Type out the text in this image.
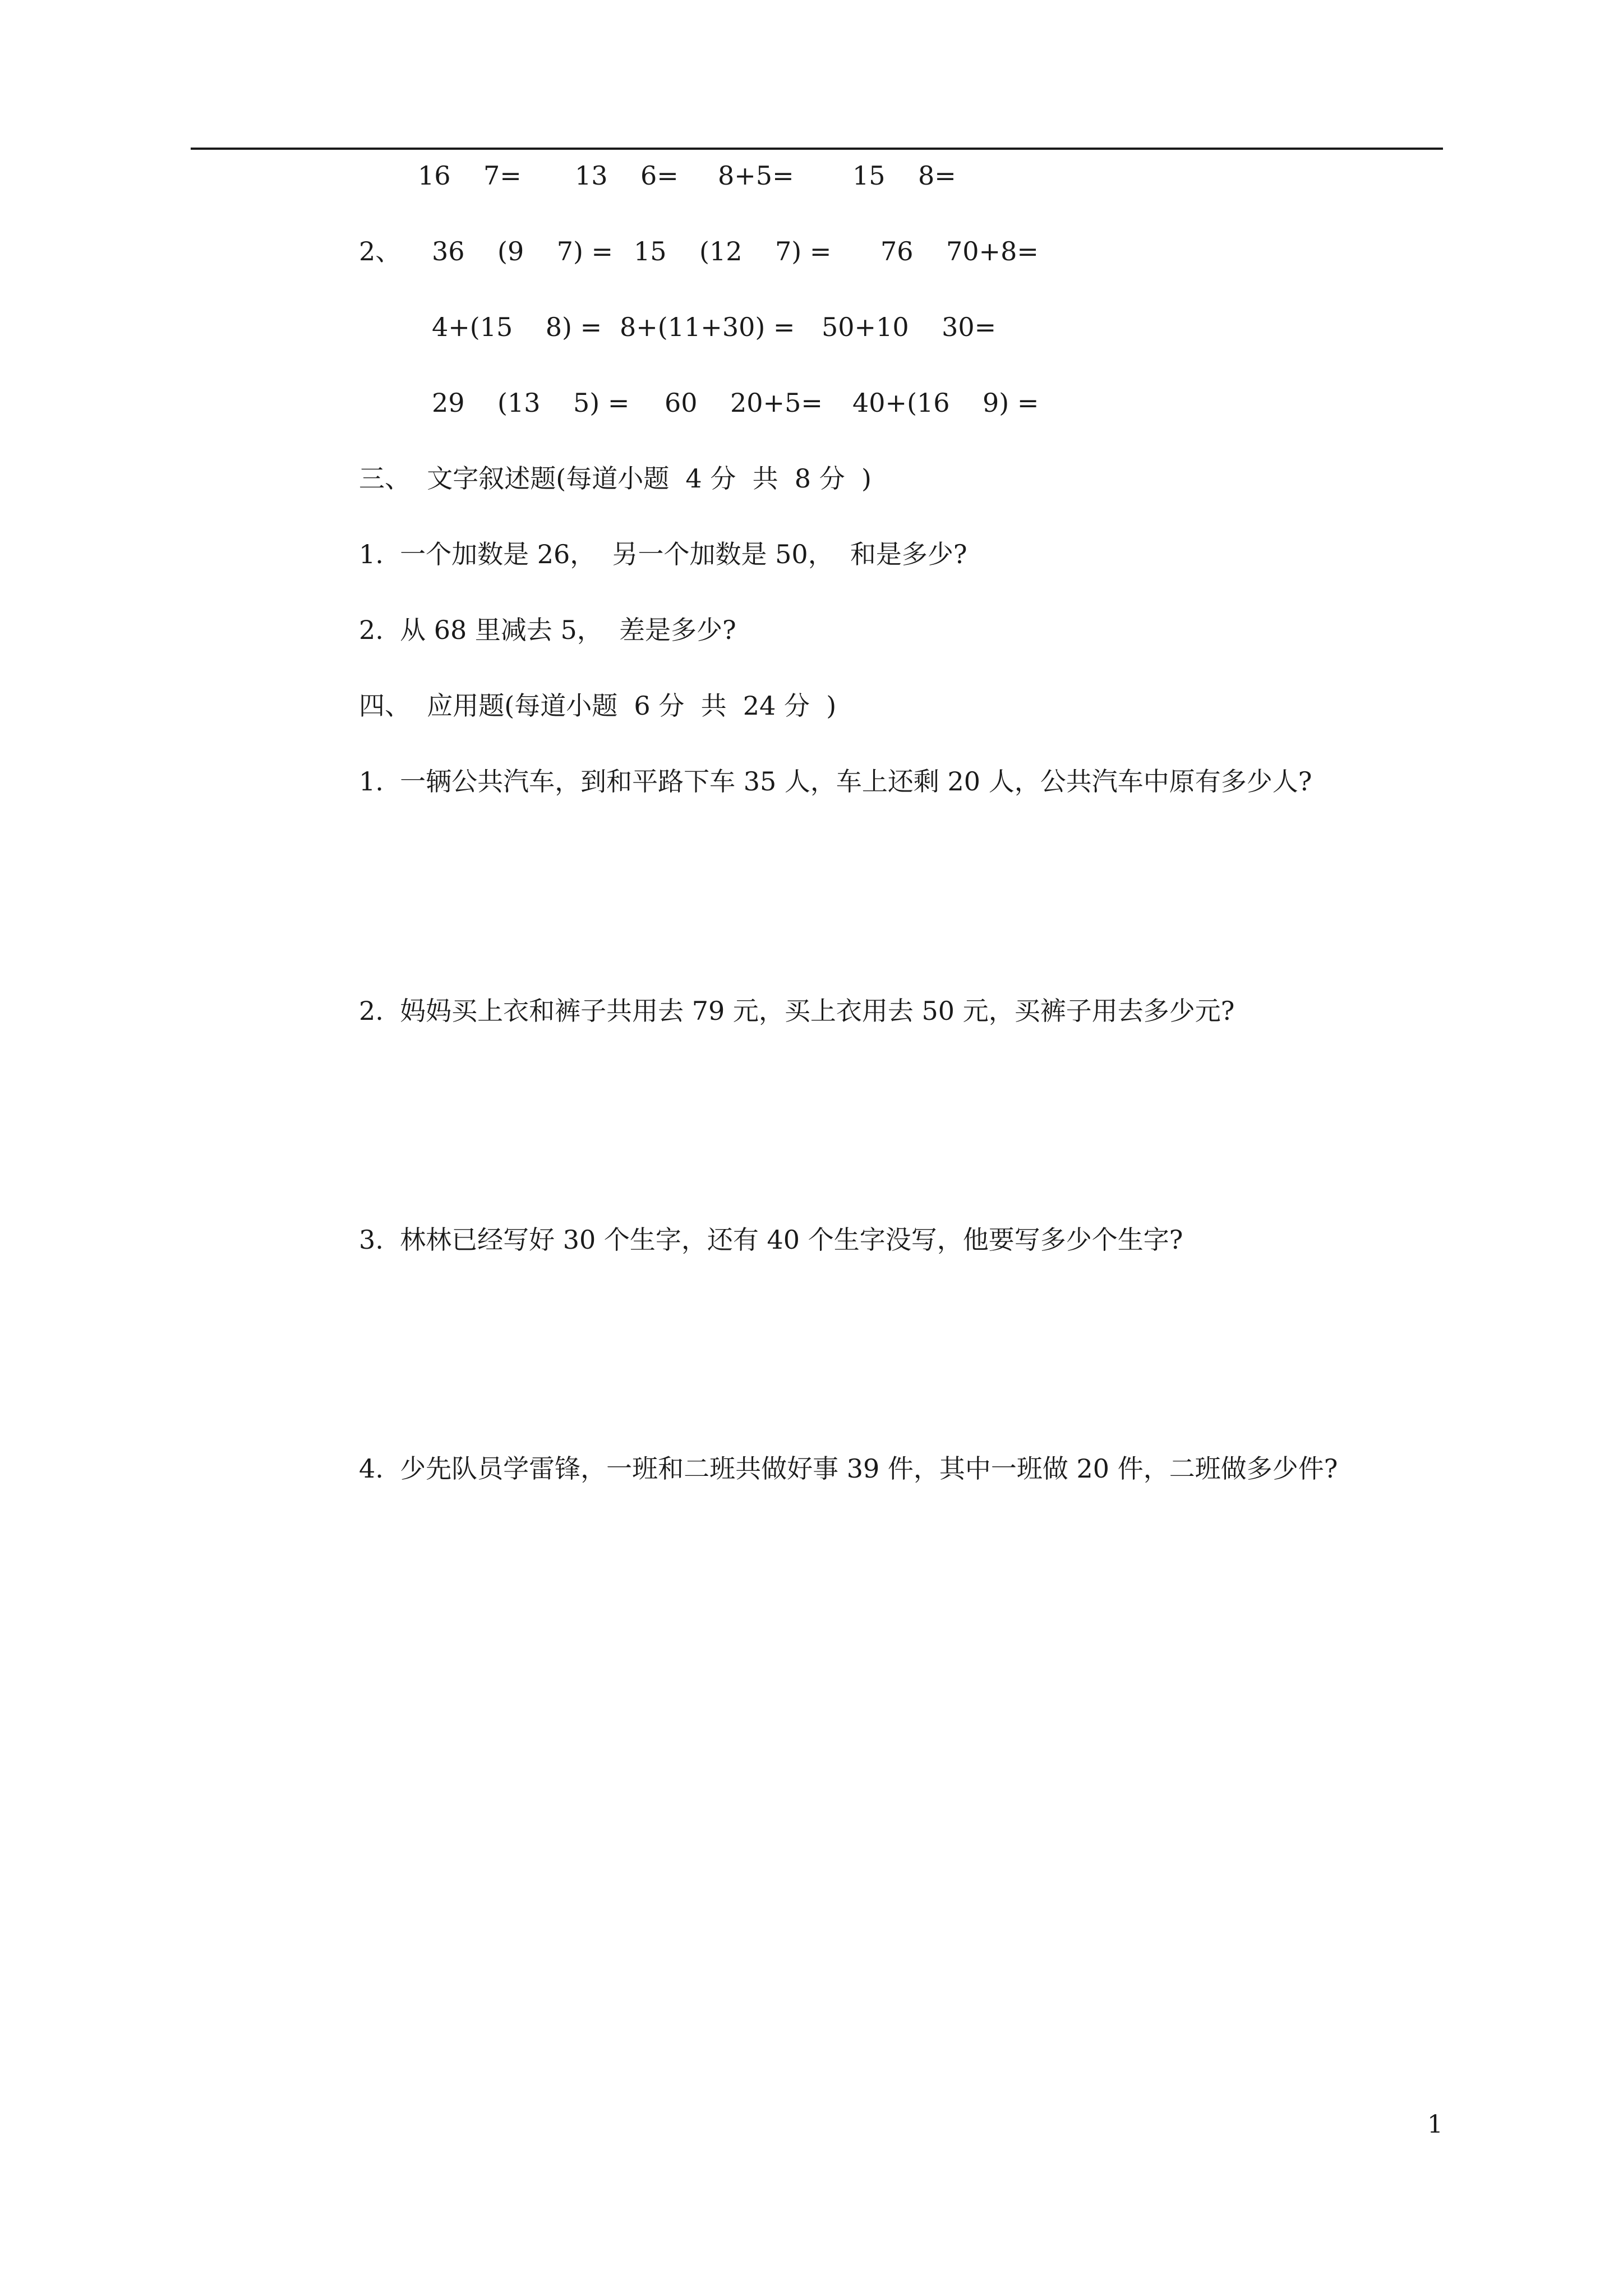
16    7= 13    6= 8+5= 15    8=
2、 36    (9    7) = 15    (12    7) = 76    70+8=
4+(15    8) = 8+(11+30) = 50+10    30=
29    (13    5) = 60    20+5= 40+(16    9) =
三、  文字叙述题(每道小题  4 分  共  8 分  )
1.  一个加数是 26，  另一个加数是 50，  和是多少?
2.  从 68 里减去 5，  差是多少?
四、  应用题(每道小题  6 分  共  24 分  )
1.  一辆公共汽车，到和平路下车 35 人，车上还剩 20 人，公共汽车中原有多少人?
2.  妈妈买上衣和裤子共用去 79 元，买上衣用去 50 元，买裤子用去多少元?
3.  林林已经写好 30 个生字，还有 40 个生字没写，他要写多少个生字?
4.  少先队员学雷锋，一班和二班共做好事 39 件，其中一班做 20 件，二班做多少件?
1
